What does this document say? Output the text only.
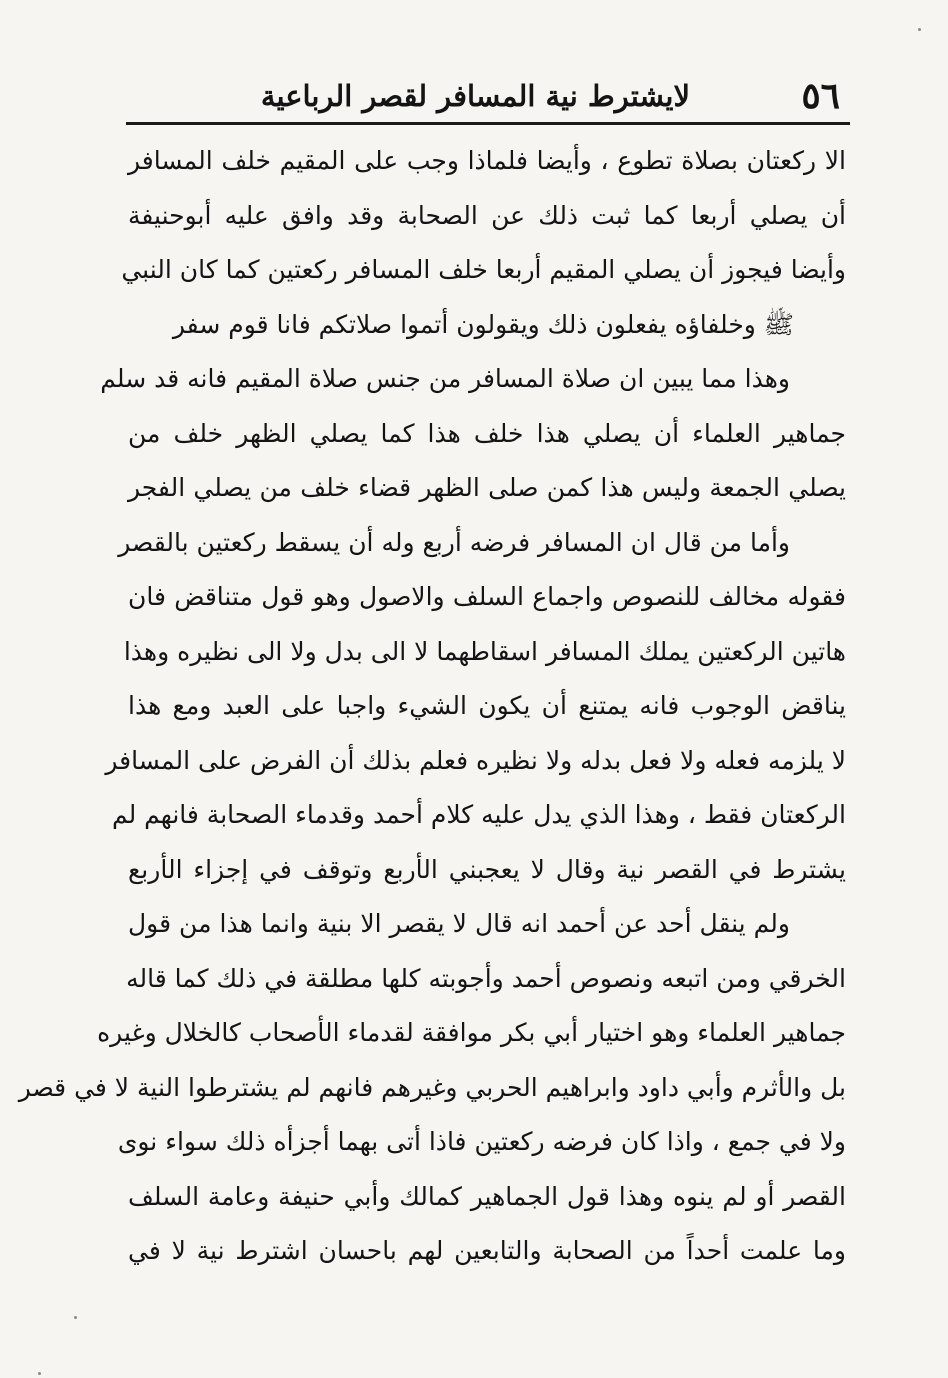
٥٦
لايشترط نية المسافر لقصر الرباعية
الا ركعتان بصلاة تطوع ، وأيضا فلماذا وجب على المقيم خلف المسافر
أن يصلي أربعا كما ثبت ذلك عن الصحابة وقد وافق عليه أبوحنيفة
وأيضا فيجوز أن يصلي المقيم أربعا خلف المسافر ركعتين كما كان النبي
ﷺ وخلفاؤه يفعلون ذلك ويقولون أتموا صلاتكم فانا قوم سفر
وهذا مما يبين ان صلاة المسافر من جنس صلاة المقيم فانه قد سلم
جماهير العلماء أن يصلي هذا خلف هذا كما يصلي الظهر خلف من
يصلي الجمعة وليس هذا كمن صلى الظهر قضاء خلف من يصلي الفجر
وأما من قال ان المسافر فرضه أربع وله أن يسقط ركعتين بالقصر
فقوله مخالف للنصوص واجماع السلف والاصول وهو قول متناقض فان
هاتين الركعتين يملك المسافر اسقاطهما لا الى بدل ولا الى نظيره وهذا
يناقض الوجوب فانه يمتنع أن يكون الشيء واجبا على العبد ومع هذا
لا يلزمه فعله ولا فعل بدله ولا نظيره فعلم بذلك أن الفرض على المسافر
الركعتان فقط ، وهذا الذي يدل عليه كلام أحمد وقدماء الصحابة فانهم لم
يشترط في القصر نية وقال لا يعجبني الأربع وتوقف في إجزاء الأربع
ولم ينقل أحد عن أحمد انه قال لا يقصر الا بنية وانما هذا من قول
الخرقي ومن اتبعه ونصوص أحمد وأجوبته كلها مطلقة في ذلك كما قاله
جماهير العلماء وهو اختيار أبي بكر موافقة لقدماء الأصحاب كالخلال وغيره
بل والأثرم وأبي داود وابراهيم الحربي وغيرهم فانهم لم يشترطوا النية لا في قصر
ولا في جمع ، واذا كان فرضه ركعتين فاذا أتى بهما أجزأه ذلك سواء نوى
القصر أو لم ينوه وهذا قول الجماهير كمالك وأبي حنيفة وعامة السلف
وما علمت أحداً من الصحابة والتابعين لهم باحسان اشترط نية لا في
